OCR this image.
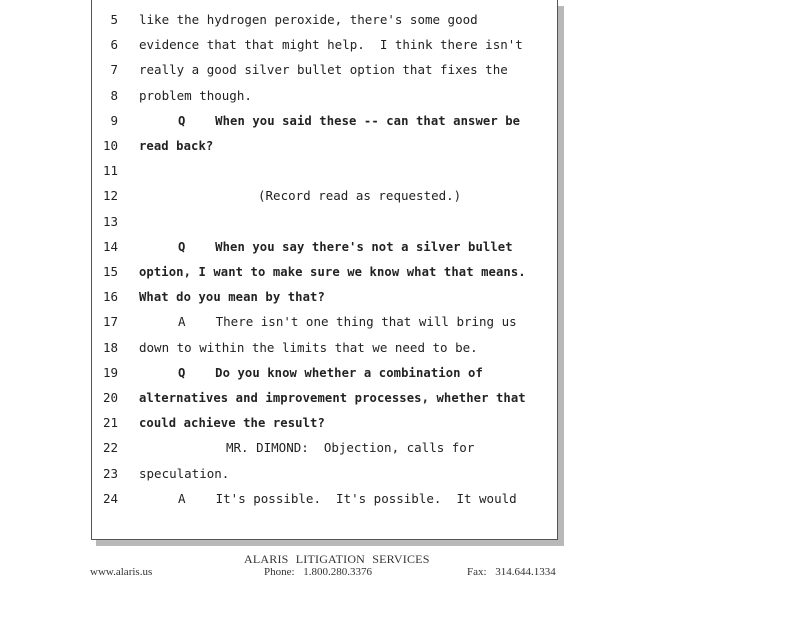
5 like the hydrogen peroxide, there's some good
6 evidence that that might help.  I think there isn't
7 really a good silver bullet option that fixes the
8 problem though.
9	Q    When you said these -- can that answer be
10 read back?
11
12	(Record read as requested.)
13
14	Q    When you say there's not a silver bullet
15 option, I want to make sure we know what that means.
16 What do you mean by that?
17	A    There isn't one thing that will bring us
18 down to within the limits that we need to be.
19	Q    Do you know whether a combination of
20 alternatives and improvement processes, whether that
21 could achieve the result?
22	MR. DIMOND:  Objection, calls for
23 speculation.
24	A    It's possible.  It's possible.  It would
ALARIS LITIGATION SERVICES
www.alaris.us	Phone: 1.800.280.3376	Fax: 314.644.1334
